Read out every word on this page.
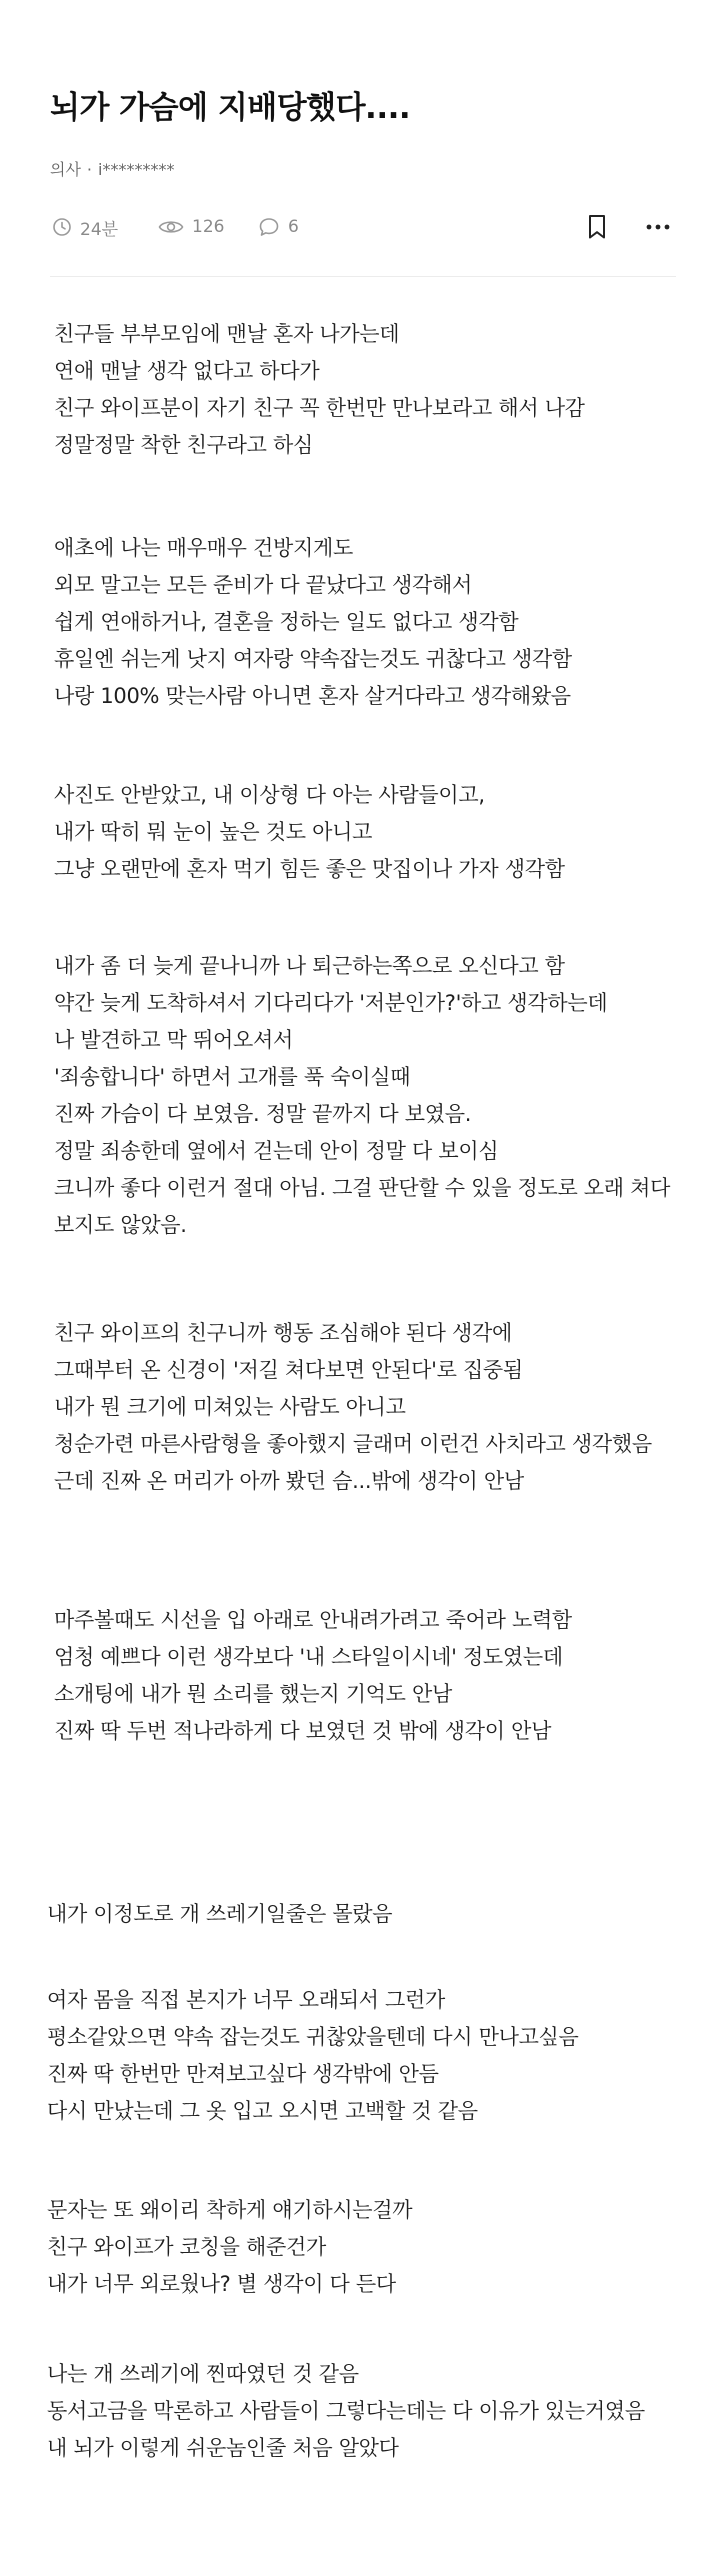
뇌가 가슴에 지배당했다....
의사 · i*********
24분	126	6
친구들 부부모임에 맨날 혼자 나가는데
연애 맨날 생각 없다고 하다가
친구 와이프분이 자기 친구 꼭 한번만 만나보라고 해서 나감
정말정말 착한 친구라고 하심
애초에 나는 매우매우 건방지게도
외모 말고는 모든 준비가 다 끝났다고 생각해서
쉽게 연애하거나, 결혼을 정하는 일도 없다고 생각함
휴일엔 쉬는게 낫지 여자랑 약속잡는것도 귀찮다고 생각함
나랑 100% 맞는사람 아니면 혼자 살거다라고 생각해왔음
사진도 안받았고, 내 이상형 다 아는 사람들이고,
내가 딱히 뭐 눈이 높은 것도 아니고
그냥 오랜만에 혼자 먹기 힘든 좋은 맛집이나 가자 생각함
내가 좀 더 늦게 끝나니까 나 퇴근하는쪽으로 오신다고 함
약간 늦게 도착하셔서 기다리다가 '저분인가?'하고 생각하는데
나 발견하고 막 뛰어오셔서
'죄송합니다' 하면서 고개를 푹 숙이실때
진짜 가슴이 다 보였음. 정말 끝까지 다 보였음.
정말 죄송한데 옆에서 걷는데 안이 정말 다 보이심
크니까 좋다 이런거 절대 아님. 그걸 판단할 수 있을 정도로 오래 쳐다보지도 않았음.
친구 와이프의 친구니까 행동 조심해야 된다 생각에
그때부터 온 신경이 '저길 쳐다보면 안된다'로 집중됨
내가 뭔 크기에 미쳐있는 사람도 아니고
청순가련 마른사람형을 좋아했지 글래머 이런건 사치라고 생각했음
근데 진짜 온 머리가 아까 봤던 슴...밖에 생각이 안남
마주볼때도 시선을 입 아래로 안내려가려고 죽어라 노력함
엄청 예쁘다 이런 생각보다 '내 스타일이시네' 정도였는데
소개팅에 내가 뭔 소리를 했는지 기억도 안남
진짜 딱 두번 적나라하게 다 보였던 것 밖에 생각이 안남
내가 이정도로 개 쓰레기일줄은 몰랐음
여자 몸을 직접 본지가 너무 오래되서 그런가
평소같았으면 약속 잡는것도 귀찮았을텐데 다시 만나고싶음
진짜 딱 한번만 만져보고싶다 생각밖에 안듬
다시 만났는데 그 옷 입고 오시면 고백할 것 같음
문자는 또 왜이리 착하게 얘기하시는걸까
친구 와이프가 코칭을 해준건가
내가 너무 외로웠나? 별 생각이 다 든다
나는 개 쓰레기에 찐따였던 것 같음
동서고금을 막론하고 사람들이 그렇다는데는 다 이유가 있는거였음
내 뇌가 이렇게 쉬운놈인줄 처음 알았다
